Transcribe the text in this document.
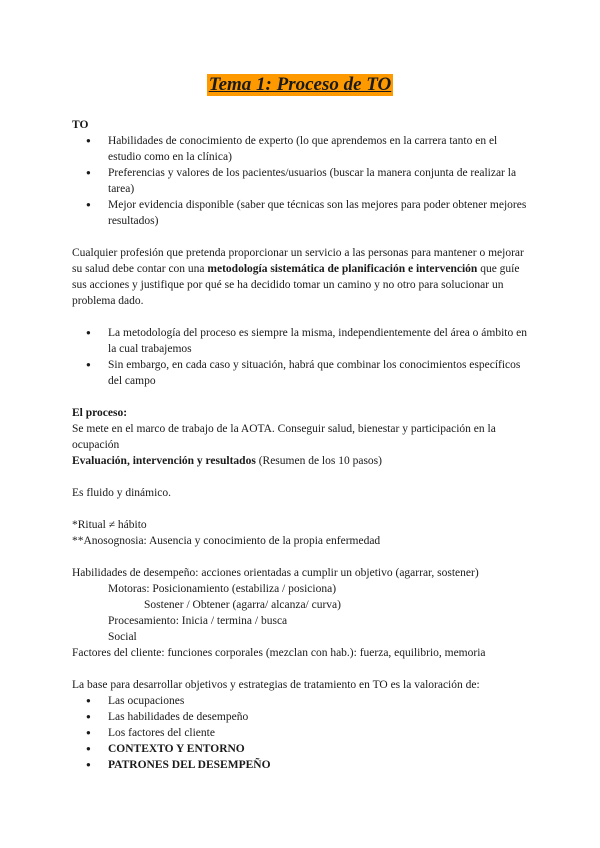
Tema 1: Proceso de TO

TO

● Habilidades de conocimiento de experto (lo que aprendemos en la carrera tanto en el estudio como en la clínica)
● Preferencias y valores de los pacientes/usuarios (buscar la manera conjunta de realizar la tarea)
● Mejor evidencia disponible (saber que técnicas son las mejores para poder obtener mejores resultados)

Cualquier profesión que pretenda proporcionar un servicio a las personas para mantener o mejorar su salud debe contar con una metodología sistemática de planificación e intervención que guíe sus acciones y justifique por qué se ha decidido tomar un camino y no otro para solucionar un problema dado.

● La metodología del proceso es siempre la misma, independientemente del área o ámbito en la cual trabajemos
● Sin embargo, en cada caso y situación, habrá que combinar los conocimientos específicos del campo

El proceso:

Se mete en el marco de trabajo de la AOTA. Conseguir salud, bienestar y participación en la ocupación

Evaluación, intervención y resultados (Resumen de los 10 pasos)

Es fluido y dinámico.

*Ritual ≠ hábito

**Anosognosia: Ausencia y conocimiento de la propia enfermedad

Habilidades de desempeño: acciones orientadas a cumplir un objetivo (agarrar, sostener)

Motoras: Posicionamiento (estabiliza / posiciona)

Sostener / Obtener (agarra/ alcanza/ curva)

Procesamiento: Inicia / termina / busca

Social

Factores del cliente: funciones corporales (mezclan con hab.): fuerza, equilibrio, memoria

La base para desarrollar objetivos y estrategias de tratamiento en TO es la valoración de:

● Las ocupaciones
● Las habilidades de desempeño
● Los factores del cliente
● CONTEXTO Y ENTORNO
● PATRONES DEL DESEMPEÑO
